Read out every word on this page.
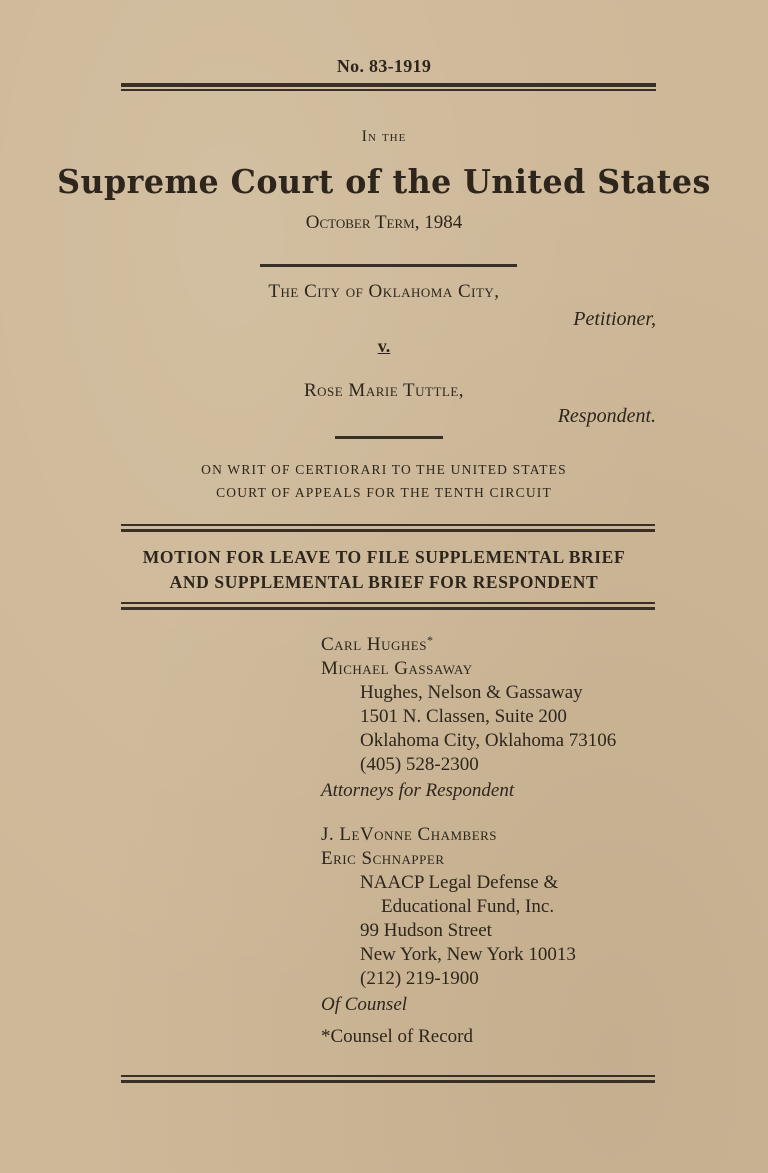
No. 83-1919
In the
Supreme Court of the United States
October Term, 1984
The City of Oklahoma City,
Petitioner,
v.
Rose Marie Tuttle,
Respondent.
ON WRIT OF CERTIORARI TO THE UNITED STATES
COURT OF APPEALS FOR THE TENTH CIRCUIT
MOTION FOR LEAVE TO FILE SUPPLEMENTAL BRIEF
AND SUPPLEMENTAL BRIEF FOR RESPONDENT
Carl Hughes*
Michael Gassaway
Hughes, Nelson & Gassaway
1501 N. Classen, Suite 200
Oklahoma City, Oklahoma 73106
(405) 528-2300
Attorneys for Respondent
J. LeVonne Chambers
Eric Schnapper
NAACP Legal Defense &
Educational Fund, Inc.
99 Hudson Street
New York, New York 10013
(212) 219-1900
Of Counsel
*Counsel of Record
